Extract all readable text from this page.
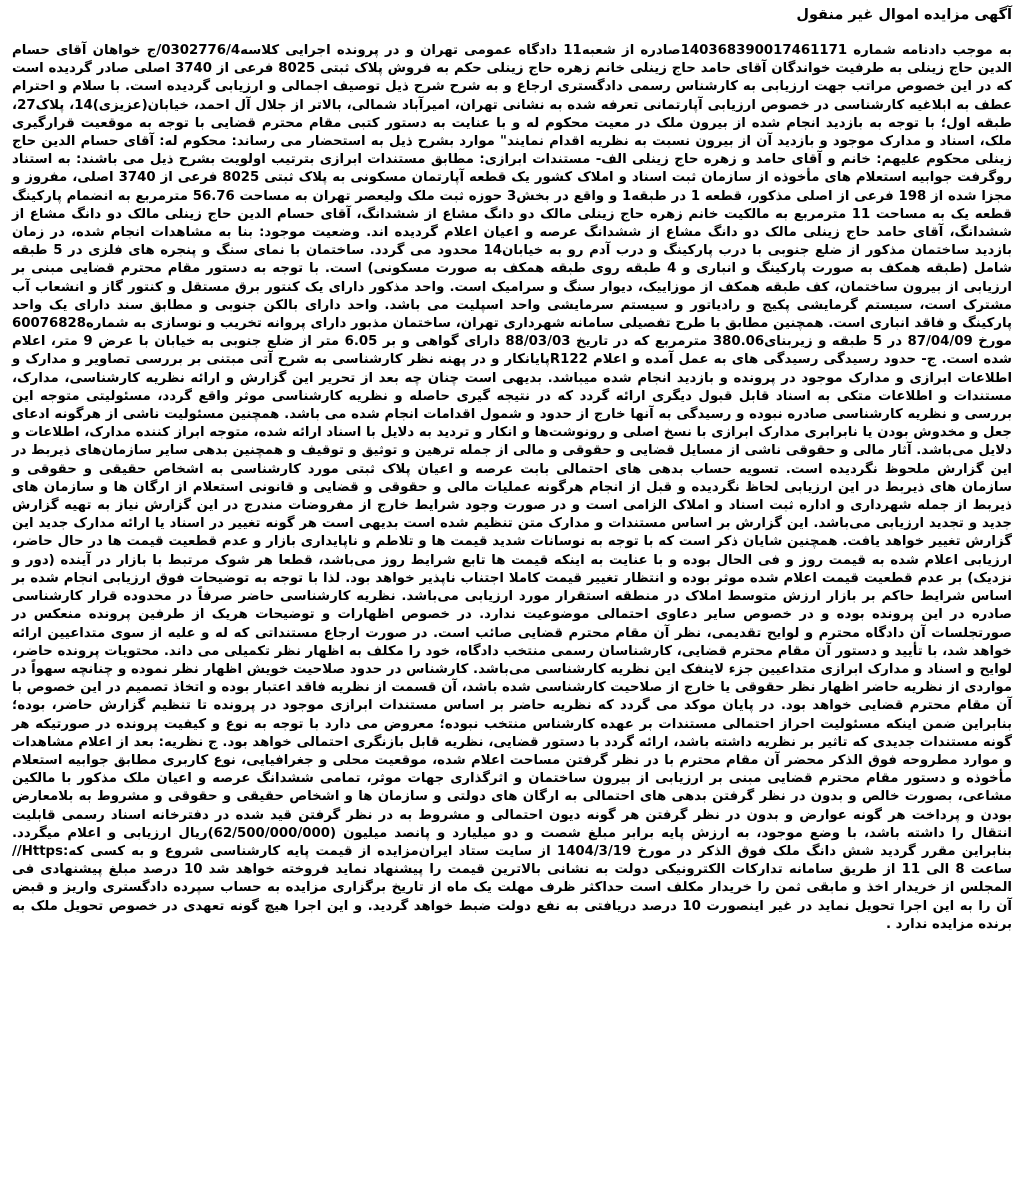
آگهی مزایده اموال غیر منقول

به موجب دادنامه شماره 140368390017461171صادره از شعبه11 دادگاه عمومی تهران و در پرونده اجرایی کلاسه0302776/4/ج خواهان آقای حسام الدین حاج زینلی به طرفیت خواندگان آقای حامد حاج زینلی خانم زهره حاج زینلی حکم به فروش پلاک ثبتی 8025 فرعی از 3740 اصلی صادر گردیده است که در این خصوص مراتب جهت ارزیابی به کارشناس رسمی دادگستری ارجاع و به شرح شرح ذیل توصیف اجمالی و ارزیابی گردیده است. با سلام و احترام عطف به ابلاغیه کارشناسی در خصوص ارزیابی آپارتمانی تعرفه شده به نشانی تهران، امیرآباد شمالی، بالاتر از جلال آل احمد، خیابان(عزیزی)14، پلاک27، طبقه اول؛ با توجه به بازدید انجام شده از بیرون ملک در معیت محکوم له و با عنایت به دستور کتبی مقام محترم قضایی با توجه به موقعیت قرارگیری ملک، اسناد و مدارک موجود و بازدید آن از بیرون نسبت به نظریه اقدام نمایند" موارد بشرح ذیل به استحضار می رساند: محکوم له: آقای حسام الدین حاج زینلی محکوم علیهم: خانم و آقای حامد و زهره حاج زینلی الف- مستندات ابرازی: مطابق مستندات ابرازی بترتیب اولویت بشرح ذیل می باشند: به استناد روگرفت جوابیه استعلام های مأخوذه از سازمان ثبت اسناد و املاک کشور یک قطعه آپارتمان مسکونی به پلاک ثبتی 8025 فرعی از 3740 اصلی، مفروز و مجزا شده از 198 فرعی از اصلی مذکور، قطعه 1 در طبقه1 و واقع در بخش3 حوزه ثبت ملک ولیعصر تهران به مساحت 56.76 مترمربع به انضمام پارکینگ قطعه یک به مساحت 11 مترمربع به مالکیت خانم زهره حاج زینلی مالک دو دانگ مشاع از ششدانگ، آقای حسام الدین حاج زینلی مالک دو دانگ مشاع از ششدانگ، آقای حامد حاج زینلی مالک دو دانگ مشاع از ششدانگ عرصه و اعیان اعلام گردیده اند. وضعیت موجود: بنا به مشاهدات انجام شده، در زمان بازدید ساختمان مذکور از ضلع جنوبی با درب پارکینگ و درب آدم رو به خیابان14 محدود می گردد. ساختمان با نمای سنگ و پنجره های فلزی در 5 طبقه شامل (طبقه همکف به صورت پارکینگ و انباری و 4 طبقه روی طبقه همکف به صورت مسکونی) است. با توجه به دستور مقام محترم قضایی مبنی بر ارزیابی از بیرون ساختمان، کف طبقه همکف از موزاییک، دیوار سنگ و سرامیک است. واحد مذکور دارای یک کنتور برق مستقل و کنتور گاز و انشعاب آب مشترک است، سیستم گرمایشی پکیج و رادیاتور و سیستم سرمایشی واحد اسپلیت می باشد. واحد دارای بالکن جنوبی و مطابق سند دارای یک واحد پارکینگ و فاقد انباری است. همچنین مطابق با طرح تفصیلی سامانه شهرداری تهران، ساختمان مذبور دارای پروانه تخریب و نوسازی به شماره60076828 مورخ 87/04/09 در 5 طبقه و زیربنای380.06 مترمربع که در تاریخ 88/03/03 دارای گواهی و بر 6.05 متر از ضلع جنوبی به خیابان با عرض 9 متر، اعلام شده است. ج- حدود رسیدگی رسیدگی های به عمل آمده و اعلام R122پایانکار و در پهنه نظر کارشناسی به شرح آتی مبتنی بر بررسی تصاویر و مدارک و اطلاعات ابرازی و مدارک موجود در پرونده و بازدید انجام شده میباشد. بدیهی است چنان چه بعد از تحریر این گزارش و ارائه نظریه کارشناسی، مدارک، مستندات و اطلاعات متکی به اسناد قابل قبول دیگری ارائه گردد که در نتیجه گیری حاصله و نظریه کارشناسی موثر واقع گردد، مسئولیتی متوجه این بررسی و نظریه کارشناسی صادره نبوده و رسیدگی به آنها خارج از حدود و شمول اقدامات انجام شده می باشد. همچنین مسئولیت ناشی از هرگونه ادعای جعل و مخدوش بودن یا نابرابری مدارک ابرازی با نسخ اصلی و رونوشت‌ها و انکار و تردید به دلایل با اسناد ارائه شده، متوجه ابراز کننده مدارک، اطلاعات و دلایل می‌باشد. آثار مالی و حقوقی ناشی از مسایل قضایی و حقوقی و مالی از جمله ترهین و توثیق و توقیف و همچنین بدهی سایر سازمان‌های ذیربط در این گزارش ملحوظ نگردیده است. تسویه حساب بدهی های احتمالی بابت عرصه و اعیان پلاک ثبتی مورد کارشناسی به اشخاص حقیقی و حقوقی و سازمان های ذیربط در این ارزیابی لحاظ نگردیده و قبل از انجام هرگونه عملیات مالی و حقوقی و قضایی و قانونی استعلام از ارگان ها و سازمان های ذیربط از جمله شهرداری و اداره ثبت اسناد و املاک الزامی است و در صورت وجود شرایط خارج از مفروضات مندرج در این گزارش نیاز به تهیه گزارش جدید و تجدید ارزیابی می‌باشد. این گزارش بر اساس مستندات و مدارک متن تنظیم شده است بدیهی است هر گونه تغییر در اسناد یا ارائه مدارک جدید این گزارش تغییر خواهد یافت. همچنین شایان ذکر است که با توجه به نوسانات شدید قیمت ها و تلاطم و ناپایداری بازار و عدم قطعیت قیمت ها در حال حاضر، ارزیابی اعلام شده به قیمت روز و فی الحال بوده و با عنایت به اینکه قیمت ها تابع شرایط روز می‌باشد، قطعا هر شوک مرتبط با بازار در آینده (دور و نزدیک) بر عدم قطعیت قیمت اعلام شده موثر بوده و انتظار تغییر قیمت کاملا اجتناب ناپذیر خواهد بود. لذا با توجه به توضیحات فوق ارزیابی انجام شده بر اساس شرایط حاکم بر بازار ارزش متوسط املاک در منطقه استقرار مورد ارزیابی می‌باشد. نظریه کارشناسی حاضر صرفاً در محدوده قرار کارشناسی صادره در این پرونده بوده و در خصوص سایر دعاوی احتمالی موضوعیت ندارد. در خصوص اظهارات و توضیحات هریک از طرفین پرونده منعکس در صورتجلسات آن دادگاه محترم و لوایح تقدیمی، نظر آن مقام محترم قضایی صائب است. در صورت ارجاع مستنداتی که له و علیه از سوی متداعیین ارائه خواهد شد، با تأیید و دستور آن مقام محترم قضایی، کارشناسان رسمی منتخب دادگاه، خود را مکلف به اظهار نظر تکمیلی می داند. محتویات پرونده حاضر، لوایح و اسناد و مدارک ابرازی متداعیین جزء لاینفک این نظریه کارشناسی می‌باشد. کارشناس در حدود صلاحیت خویش اظهار نظر نموده و چنانچه سهواً در مواردی از نظریه حاضر اظهار نظر حقوقی یا خارج از صلاحیت کارشناسی شده باشد، آن قسمت از نظریه فاقد اعتبار بوده و اتخاذ تصمیم در این خصوص با آن مقام محترم قضایی خواهد بود. در پایان موکد می گردد که نظریه حاضر بر اساس مستندات ابرازی موجود در پرونده تا تنظیم گزارش حاضر، بوده؛ بنابراین ضمن اینکه مسئولیت احراز احتمالی مستندات بر عهده کارشناس منتخب نبوده؛ معروض می دارد با توجه به نوع و کیفیت پرونده در صورتیکه هر گونه مستندات جدیدی که تاثیر بر نظریه داشته باشد، ارائه گردد با دستور قضایی، نظریه قابل بازنگری احتمالی خواهد بود. ج نظریه: بعد از اعلام مشاهدات و موارد مطروحه فوق الذکر محضر آن مقام محترم با در نظر گرفتن مساحت اعلام شده، موقعیت محلی و جغرافیایی، نوع کاربری مطابق جوابیه استعلام مأخوذه و دستور مقام محترم قضایی مبنی بر ارزیابی از بیرون ساختمان و اثرگذاری جهات موثر، تمامی ششدانگ عرصه و اعیان ملک مذکور با مالکین مشاعی، بصورت خالص و بدون در نظر گرفتن بدهی های احتمالی به ارگان های دولتی و سازمان ها و اشخاص حقیقی و حقوقی و مشروط به بلامعارض بودن و پرداخت هر گونه عوارض و بدون در نظر گرفتن هر گونه دیون احتمالی و مشروط به در نظر گرفتن قید شده در دفترخانه اسناد رسمی قابلیت انتقال را داشته باشد، با وضع موجود، به ارزش پایه برابر مبلغ شصت و دو میلیارد و پانصد میلیون (62/500/000/000)ریال ارزیابی و اعلام میگردد. بنابراین مقرر گردید شش دانگ ملک فوق الذکر در مورخ 1404/3/19 از سایت ستاد ایران‌مزایده از قیمت پایه کارشناسی شروع و به کسی که:Https//ساعت 8 الی 11 از طریق سامانه تدارکات الکترونیکی دولت به نشانی بالاترین قیمت را پیشنهاد نماید فروخته خواهد شد 10 درصد مبلغ پیشنهادی فی المجلس از خریدار اخذ و مابقی ثمن را خریدار مکلف است حداکثر ظرف مهلت یک ماه از تاریخ برگزاری مزایده به حساب سپرده دادگستری واریز و قبض آن را به این اجرا تحویل نماید در غیر اینصورت 10 درصد دریافتی به نفع دولت ضبط خواهد گردید. و این اجرا هیچ گونه تعهدی در خصوص تحویل ملک به برنده مزایده ندارد .
